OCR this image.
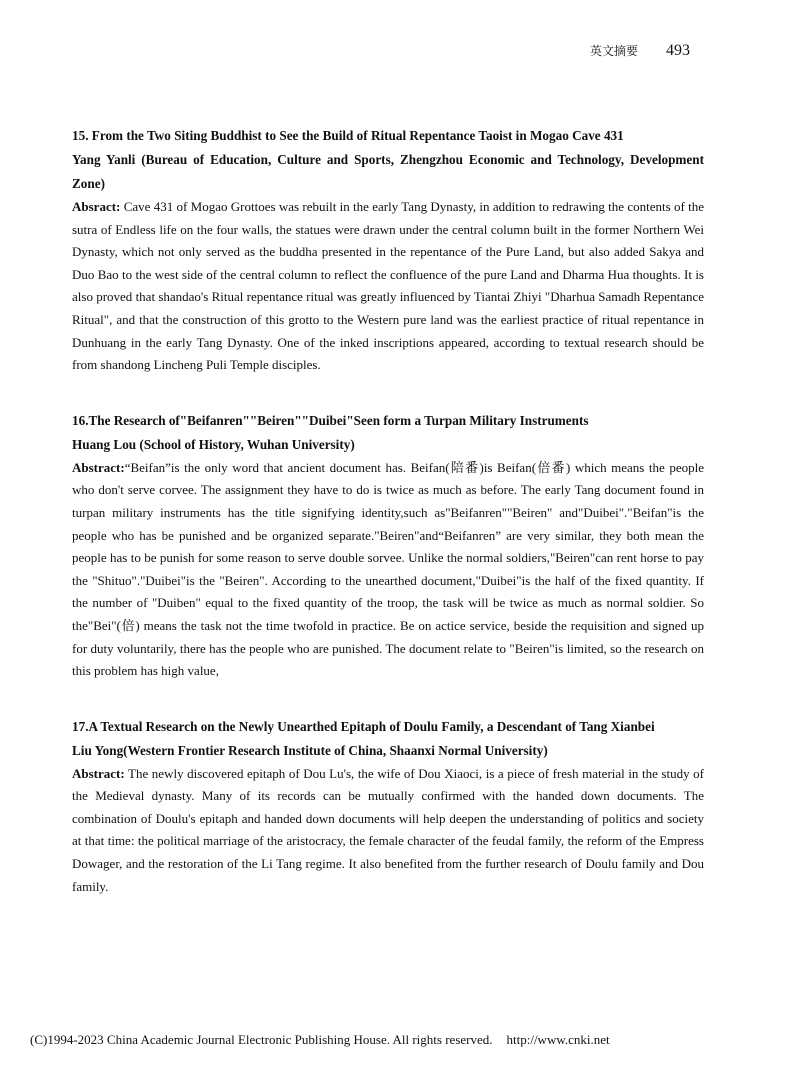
英文摘要 493
15. From the Two Siting Buddhist to See the Build of Ritual Repentance Taoist in Mogao Cave 431
Yang Yanli (Bureau of Education, Culture and Sports, Zhengzhou Economic and Technology, Development Zone)
Absract: Cave 431 of Mogao Grottoes was rebuilt in the early Tang Dynasty, in addition to redrawing the contents of the sutra of Endless life on the four walls, the statues were drawn under the central column built in the former Northern Wei Dynasty, which not only served as the buddha presented in the repentance of the Pure Land, but also added Sakya and Duo Bao to the west side of the central column to reflect the confluence of the pure Land and Dharma Hua thoughts. It is also proved that shandao's Ritual repentance ritual was greatly influenced by Tiantai Zhiyi "Dharhua Samadh Repentance Ritual", and that the construction of this grotto to the Western pure land was the earliest practice of ritual repentance in Dunhuang in the early Tang Dynasty. One of the inked inscriptions appeared, according to textual research should be from shandong Lincheng Puli Temple disciples.
16.The Research of"Beifanren""Beiren""Duibei"Seen form a Turpan Military Instruments
Huang Lou (School of History, Wuhan University)
Abstract:“Beifan”is the only word that ancient document has. Beifan(陪番)is Beifan(倍番) which means the people who don't serve corvee. The assignment they have to do is twice as much as before. The early Tang document found in turpan military instruments has the title signifying identity,such as"Beifanren""Beiren" and"Duibei"."Beifan"is the people who has be punished and be organized separate."Beiren"and“Beifanren” are very similar, they both mean the people has to be punish for some reason to serve double sorvee. Unlike the normal soldiers,"Beiren"can rent horse to pay the "Shituo"."Duibei"is the "Beiren". According to the unearthed document,"Duibei"is the half of the fixed quantity. If the number of "Duiben" equal to the fixed quantity of the troop, the task will be twice as much as normal soldier. So the"Bei"(倍) means the task not the time twofold in practice. Be on actice service, beside the requisition and signed up for duty voluntarily, there has the people who are punished. The document relate to "Beiren"is limited, so the research on this problem has high value,
17.A Textual Research on the Newly Unearthed Epitaph of Doulu Family, a Descendant of Tang Xianbei
Liu Yong(Western Frontier Research Institute of China, Shaanxi Normal University)
Abstract: The newly discovered epitaph of Dou Lu's, the wife of Dou Xiaoci, is a piece of fresh material in the study of the Medieval dynasty. Many of its records can be mutually confirmed with the handed down documents. The combination of Doulu's epitaph and handed down documents will help deepen the understanding of politics and society at that time: the political marriage of the aristocracy, the female character of the feudal family, the reform of the Empress Dowager, and the restoration of the Li Tang regime. It also benefited from the further research of Doulu family and Dou family.
(C)1994-2023 China Academic Journal Electronic Publishing House. All rights reserved. http://www.cnki.net
